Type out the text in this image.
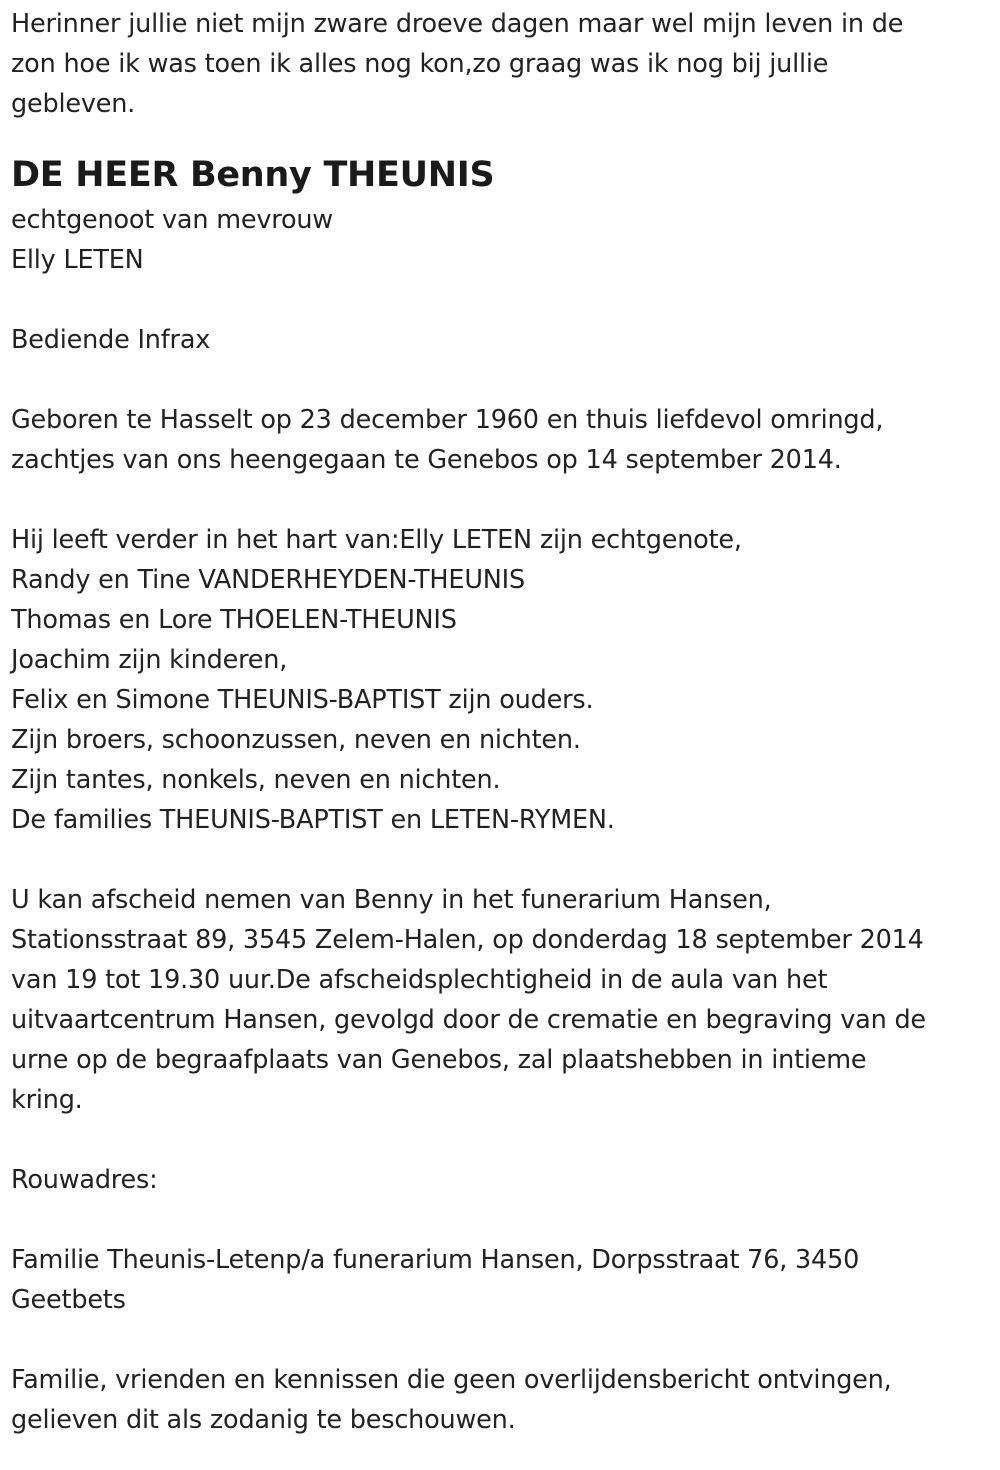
Herinner jullie niet mijn zware droeve dagen maar wel mijn leven in de
zon hoe ik was toen ik alles nog kon,zo graag was ik nog bij jullie
gebleven.
DE HEER Benny THEUNIS
echtgenoot van mevrouw
Elly LETEN
Bediende Infrax
Geboren te Hasselt op 23 december 1960 en thuis liefdevol omringd,
zachtjes van ons heengegaan te Genebos op 14 september 2014.
Hij leeft verder in het hart van:Elly LETEN zijn echtgenote,
Randy en Tine VANDERHEYDEN-THEUNIS
Thomas en Lore THOELEN-THEUNIS
Joachim zijn kinderen,
Felix en Simone THEUNIS-BAPTIST zijn ouders.
Zijn broers, schoonzussen, neven en nichten.
Zijn tantes, nonkels, neven en nichten.
De families THEUNIS-BAPTIST en LETEN-RYMEN.
U kan afscheid nemen van Benny in het funerarium Hansen,
Stationsstraat 89, 3545 Zelem-Halen, op donderdag 18 september 2014
van 19 tot 19.30 uur.De afscheidsplechtigheid in de aula van het
uitvaartcentrum Hansen, gevolgd door de crematie en begraving van de
urne op de begraafplaats van Genebos, zal plaatshebben in intieme
kring.
Rouwadres:
Familie Theunis-Letenp/a funerarium Hansen, Dorpsstraat 76, 3450
Geetbets
Familie, vrienden en kennissen die geen overlijdensbericht ontvingen,
gelieven dit als zodanig te beschouwen.
